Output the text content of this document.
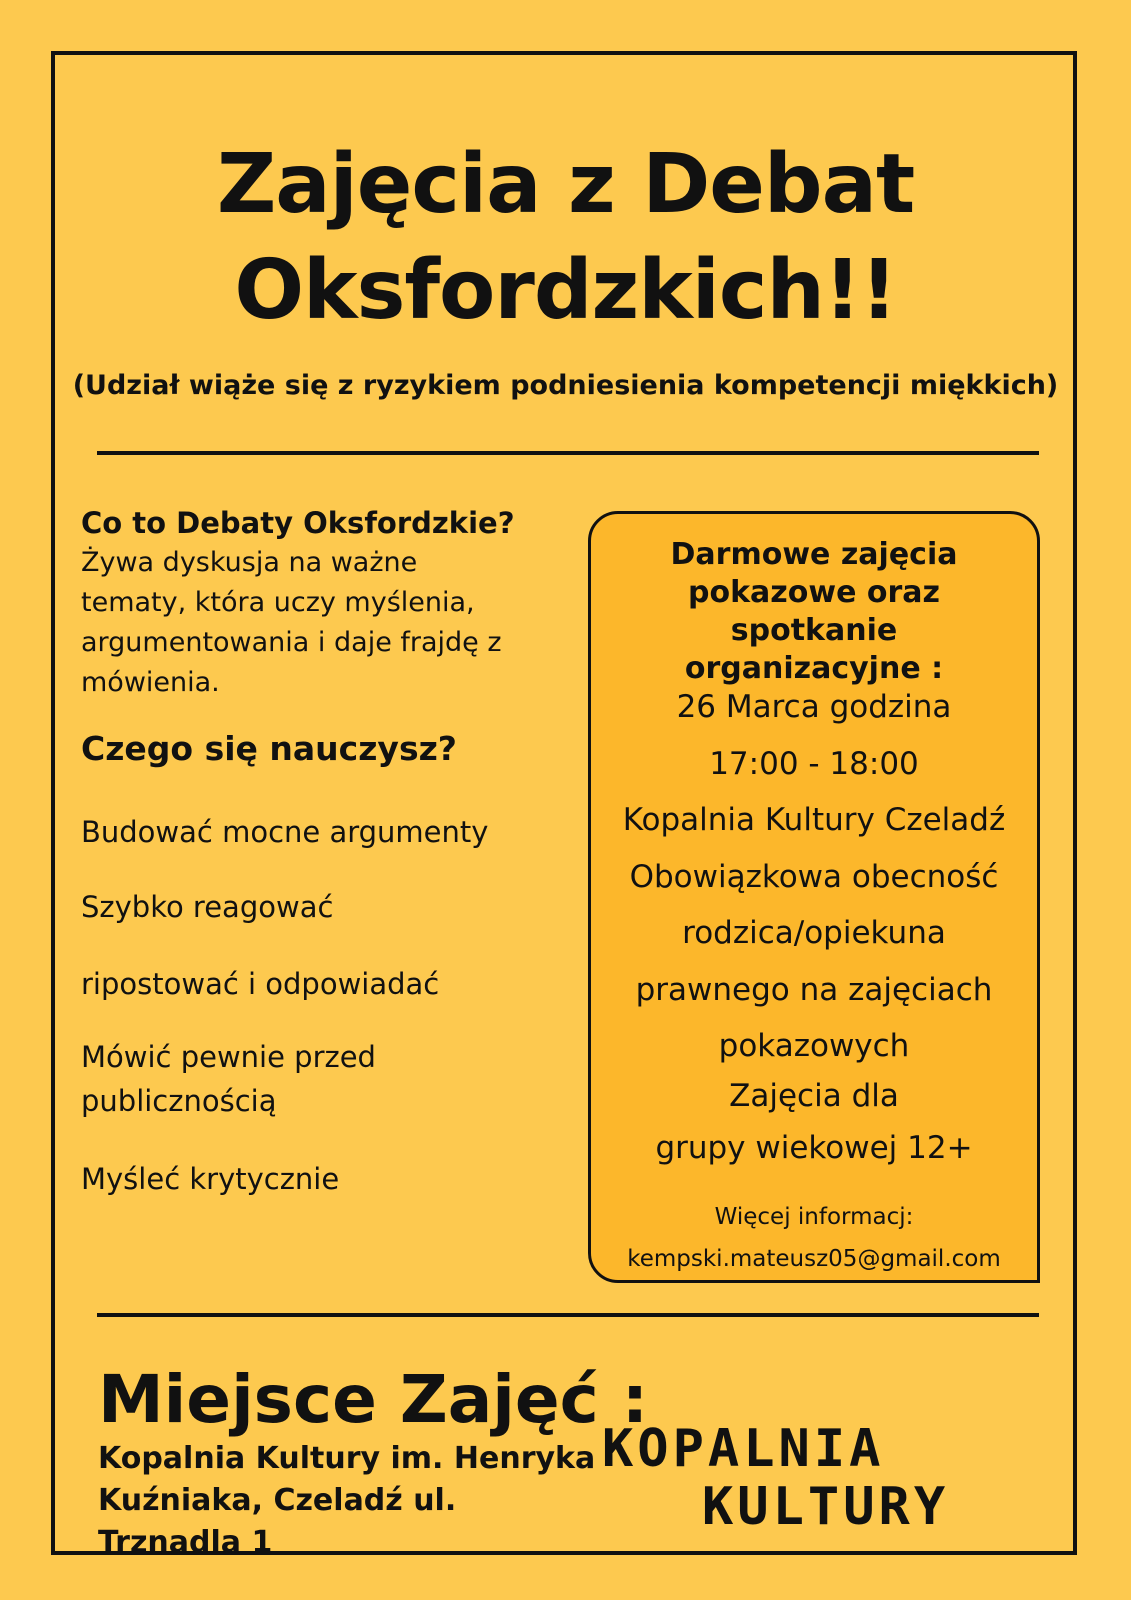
Zajęcia z Debat
Oksfordzkich!!
(Udział wiąże się z ryzykiem podniesienia kompetencji miękkich)
Co to Debaty Oksfordzkie?
Żywa dyskusja na ważne tematy, która uczy myślenia, argumentowania i daje frajdę z mówienia.
Czego się nauczysz?
Budować mocne argumenty
Szybko reagować
ripostować i odpowiadać
Mówić pewnie przed publicznością
Myśleć krytycznie
Darmowe zajęcia pokazowe oraz spotkanie organizacyjne :
26 Marca godzina
17:00 - 18:00
Kopalnia Kultury Czeladź
Obowiązkowa obecność
rodzica/opiekuna
prawnego na zajęciach
pokazowych
Zajęcia dla
grupy wiekowej 12+
Więcej informacj:
kempski.mateusz05@gmail.com
Miejsce Zajęć :
Kopalnia Kultury im. Henryka Kuźniaka, Czeladź ul. Trznadla 1
KOPALNIA
KULTURY
